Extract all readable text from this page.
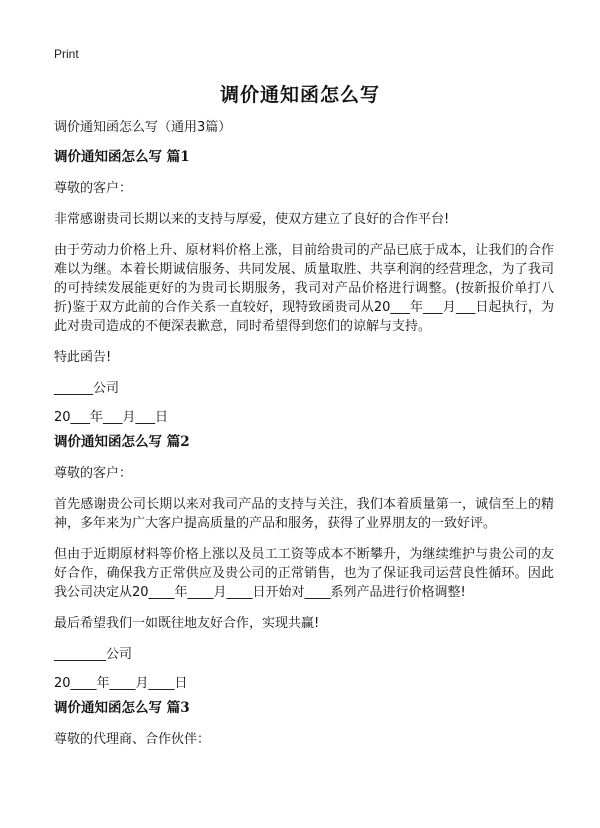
Print
调价通知函怎么写

调价通知函怎么写（通用3篇）

调价通知函怎么写 篇1

尊敬的客户：

非常感谢贵司长期以来的支持与厚爱，使双方建立了良好的合作平台!

由于劳动力价格上升、原材料价格上涨，目前给贵司的产品已底于成本，让我们的合作难以为继。本着长期诚信服务、共同发展、质量取胜、共享利润的经营理念，为了我司的可持续发展能更好的为贵司长期服务，我司对产品价格进行调整。(按新报价单打八折)鉴于双方此前的合作关系一直较好，现特致函贵司从20___年___月___日起执行，为此对贵司造成的不便深表歉意，同时希望得到您们的谅解与支持。

特此函告!

______公司

20___年___月___日

调价通知函怎么写 篇2

尊敬的客户：

首先感谢贵公司长期以来对我司产品的支持与关注，我们本着质量第一，诚信至上的精神，多年来为广大客户提高质量的产品和服务，获得了业界朋友的一致好评。

但由于近期原材料等价格上涨以及员工工资等成本不断攀升，为继续维护与贵公司的友好合作，确保我方正常供应及贵公司的正常销售，也为了保证我司运营良性循环。因此我公司决定从20____年____月____日开始对____系列产品进行价格调整!

最后希望我们一如既往地友好合作，实现共赢!

________公司

20____年____月____日

调价通知函怎么写 篇3

尊敬的代理商、合作伙伴：
